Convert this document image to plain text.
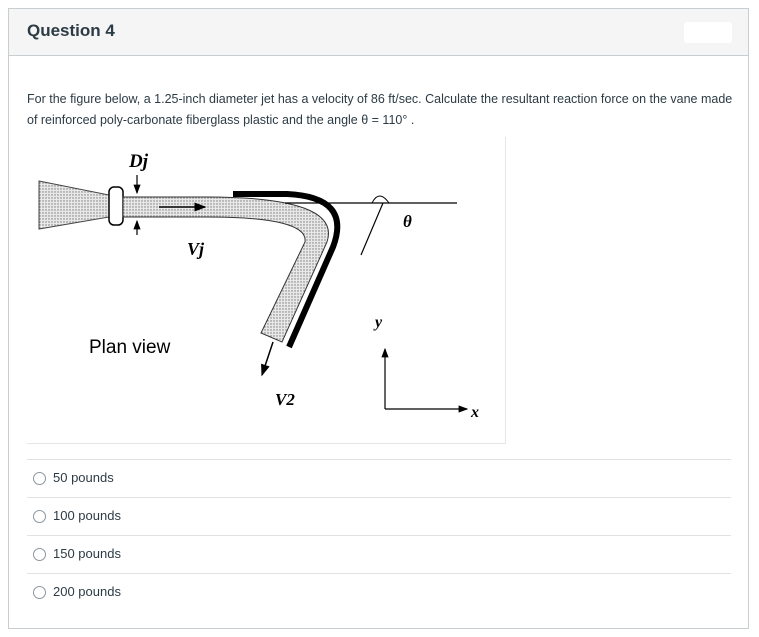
Question 4
For the figure below, a 1.25-inch diameter jet has a velocity of 86 ft/sec. Calculate the resultant reaction force on the vane made of reinforced poly-carbonate fiberglass plastic and the angle θ = 110° .
Dj
Vj
θ
y
x
V2
Plan view
50 pounds
100 pounds
150 pounds
200 pounds
